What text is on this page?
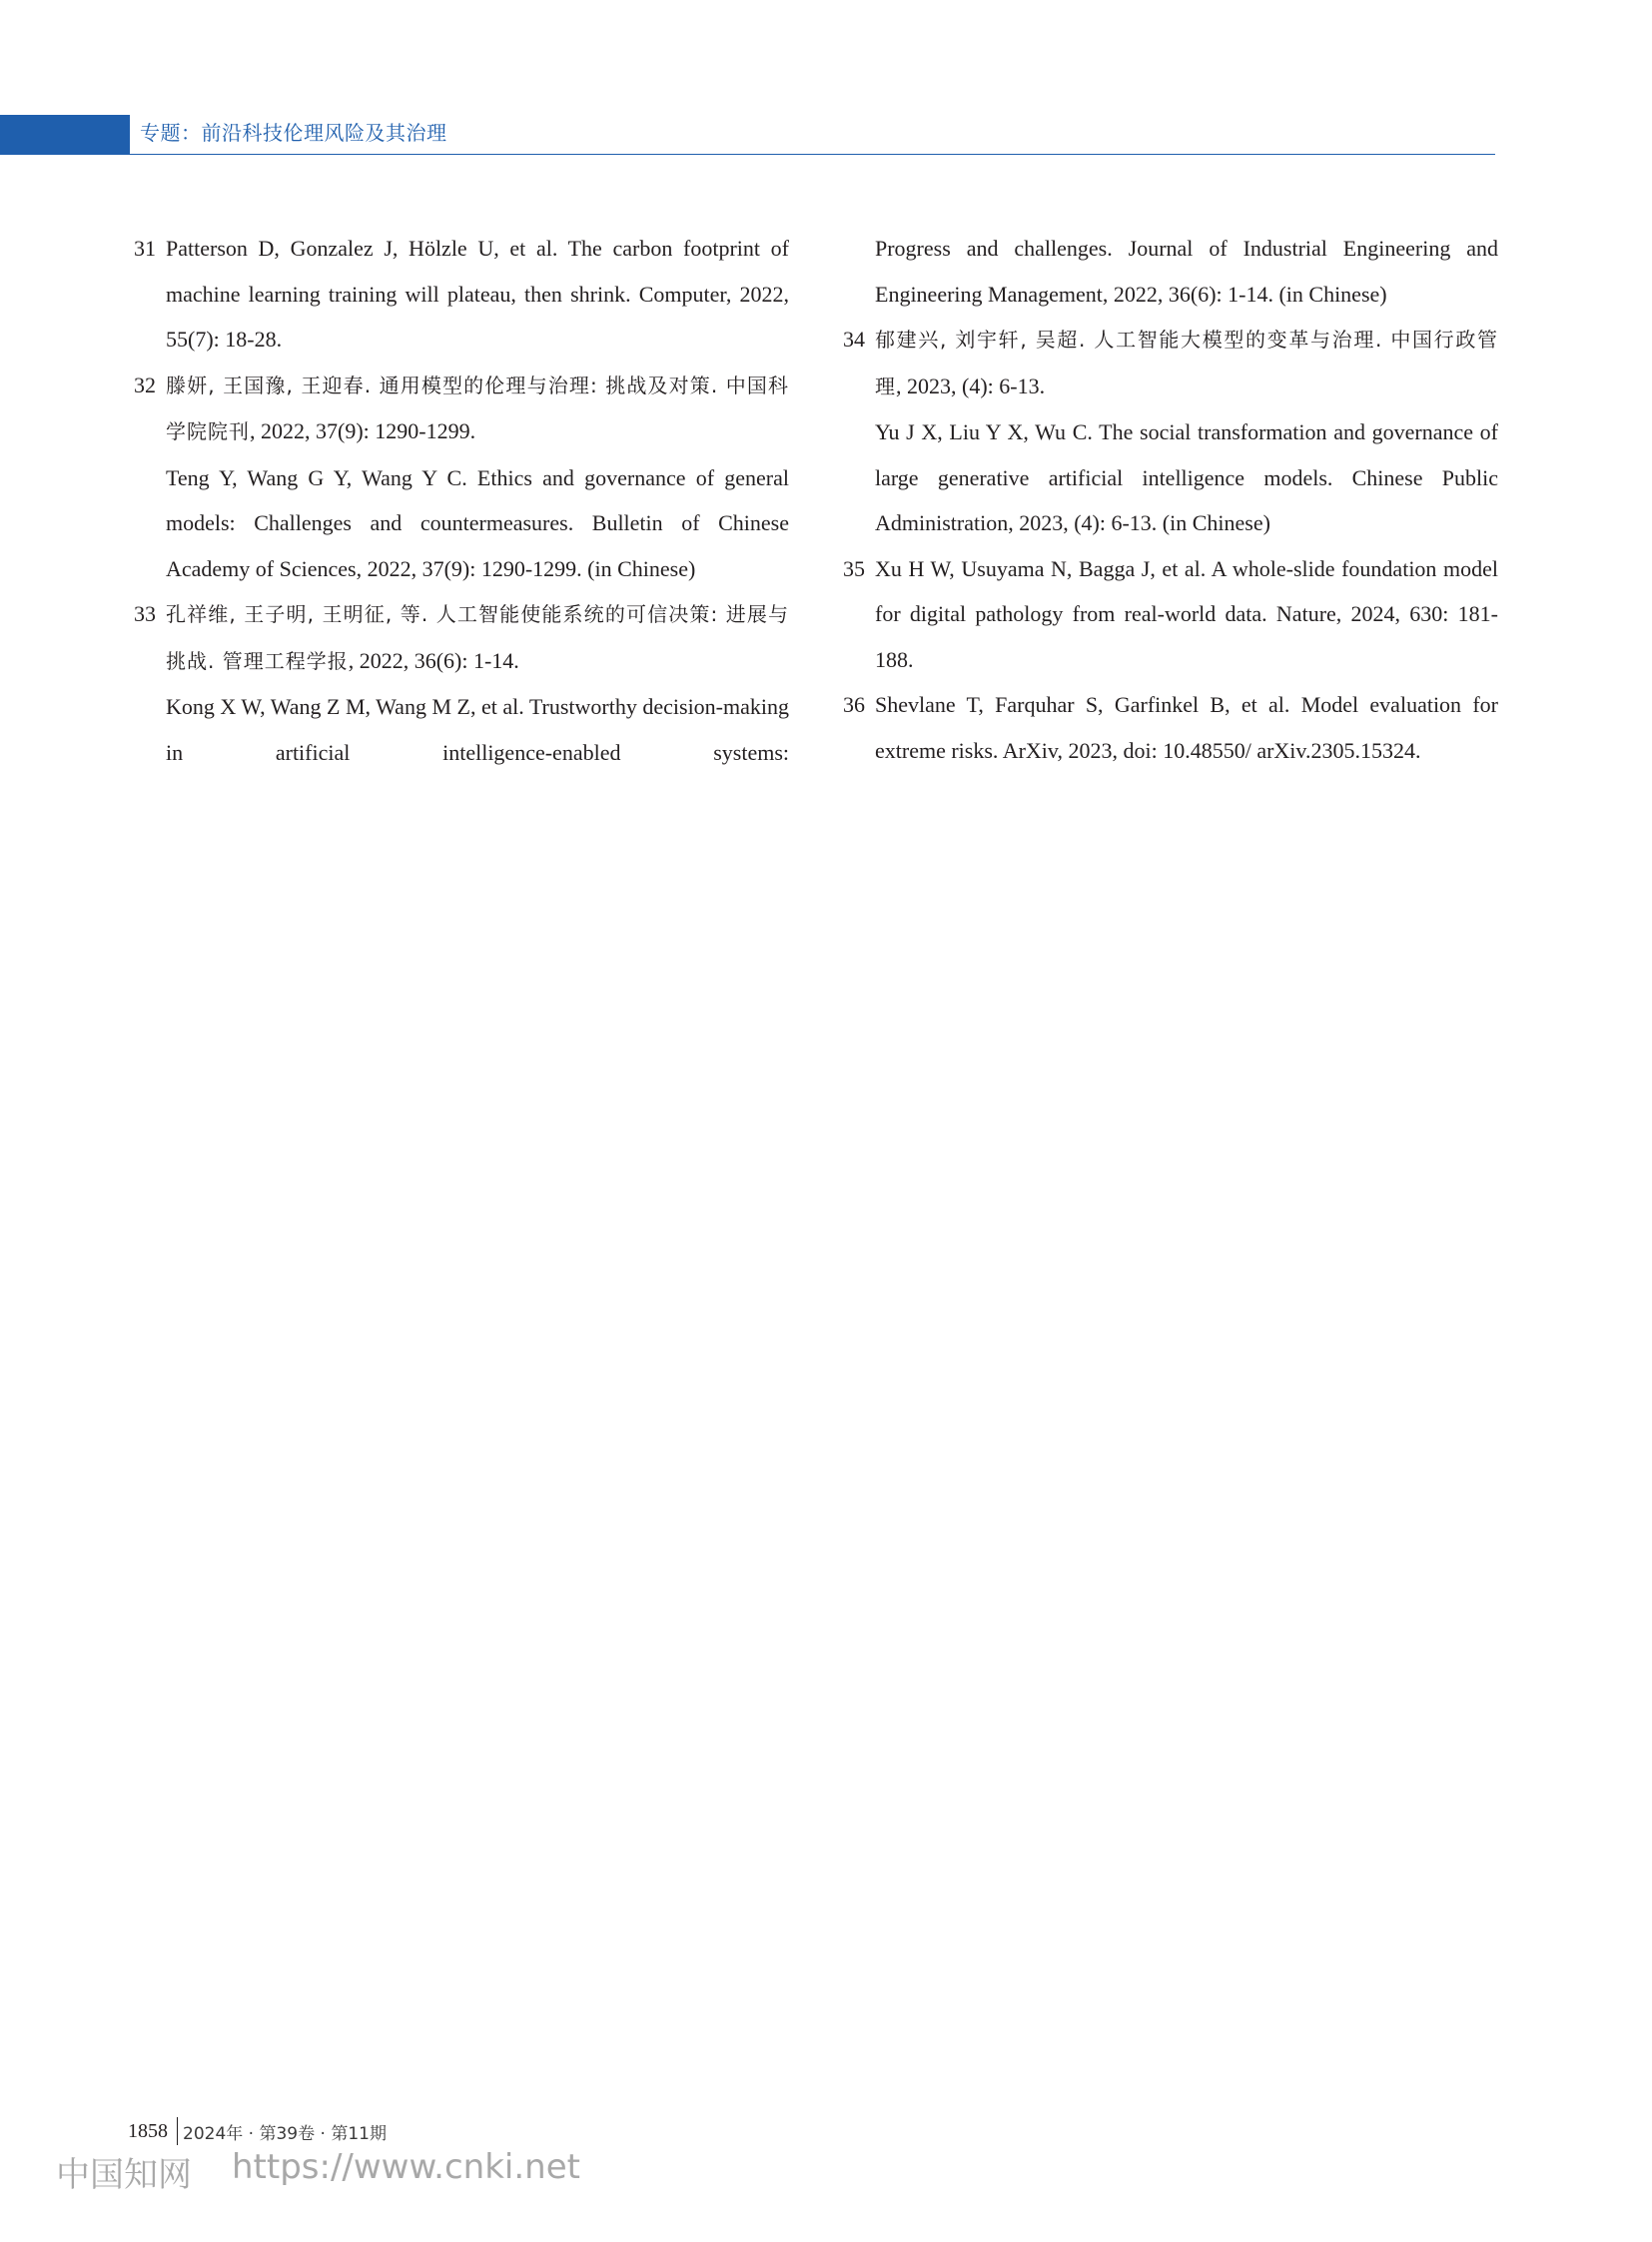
专题：前沿科技伦理风险及其治理
31 Patterson D, Gonzalez J, Hölzle U, et al. The carbon footprint of machine learning training will plateau, then shrink. Computer, 2022, 55(7): 18-28.
32 滕妍, 王国豫, 王迎春. 通用模型的伦理与治理: 挑战及对策. 中国科学院院刊, 2022, 37(9): 1290-1299.
Teng Y, Wang G Y, Wang Y C. Ethics and governance of general models: Challenges and countermeasures. Bulletin of Chinese Academy of Sciences, 2022, 37(9): 1290-1299. (in Chinese)
33 孔祥维, 王子明, 王明征, 等. 人工智能使能系统的可信决策: 进展与挑战. 管理工程学报, 2022, 36(6): 1-14.
Kong X W, Wang Z M, Wang M Z, et al. Trustworthy decision-making in artificial intelligence-enabled systems:
Progress and challenges. Journal of Industrial Engineering and Engineering Management, 2022, 36(6): 1-14. (in Chinese)
34 郁建兴, 刘宇轩, 吴超. 人工智能大模型的变革与治理. 中国行政管理, 2023, (4): 6-13.
Yu J X, Liu Y X, Wu C. The social transformation and governance of large generative artificial intelligence models. Chinese Public Administration, 2023, (4): 6-13. (in Chinese)
35 Xu H W, Usuyama N, Bagga J, et al. A whole-slide foundation model for digital pathology from real-world data. Nature, 2024, 630: 181-188.
36 Shevlane T, Farquhar S, Garfinkel B, et al. Model evaluation for extreme risks. ArXiv, 2023, doi: 10.48550/ arXiv.2305.15324.
1858 2024年 · 第39卷 · 第11期
中国知网 https://www.cnki.net
